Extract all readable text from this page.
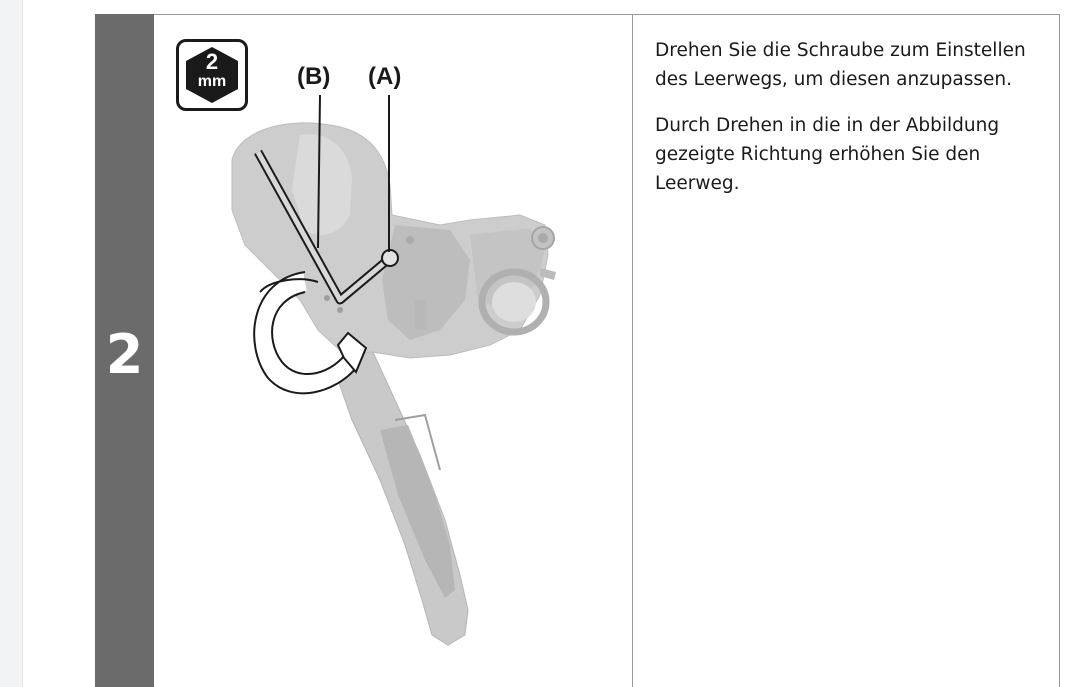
2
2
mm	(B) (A)

Drehen Sie die Schraube zum Einstellen des Leerwegs, um diesen anzupassen.

Durch Drehen in die in der Abbildung gezeigte Richtung erhöhen Sie den Leerweg.
